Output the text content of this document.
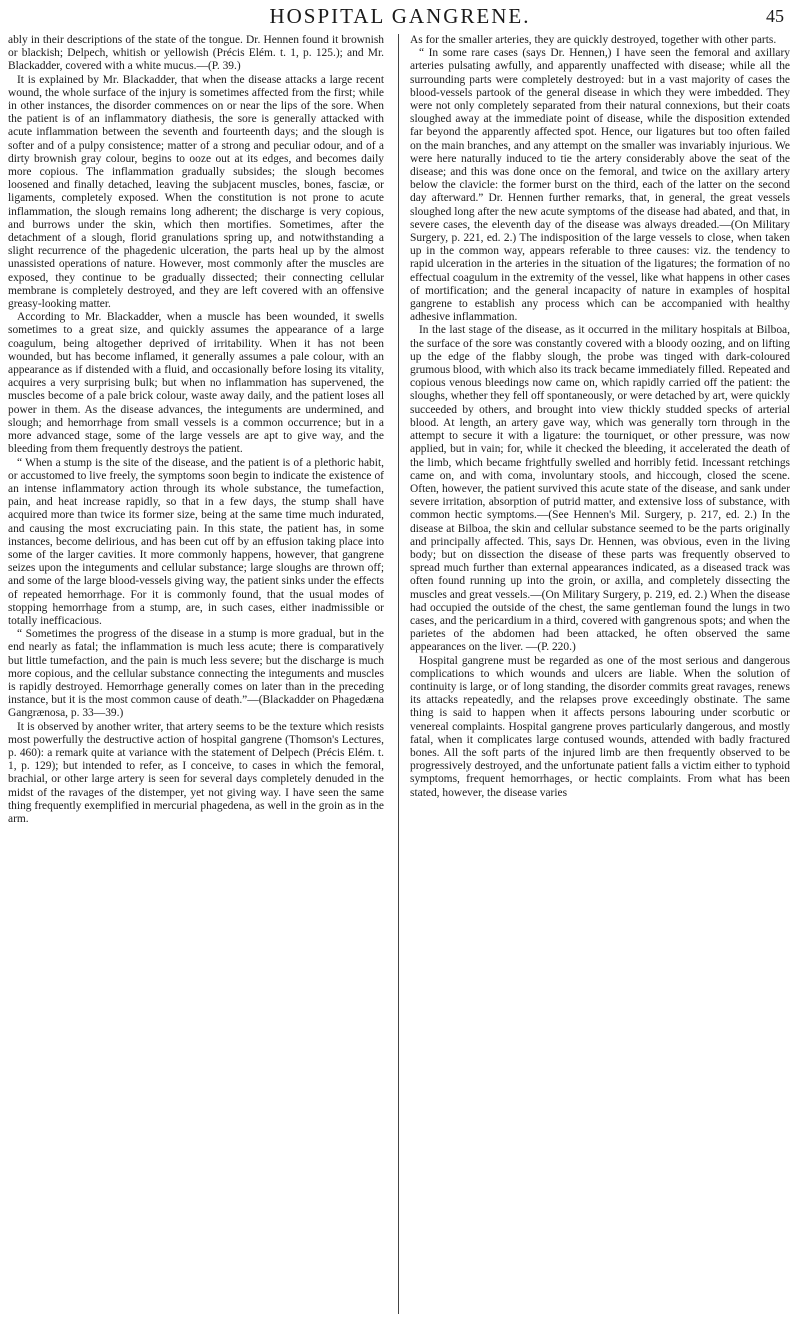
HOSPITAL GANGRENE.	45

ably in their descriptions of the state of the tongue. Dr. Hennen found it brownish or blackish; Delpech, whitish or yellowish (Précis Elém. t. 1, p. 125.); and Mr. Blackadder, covered with a white mucus.—(P. 39.)

It is explained by Mr. Blackadder, that when the disease attacks a large recent wound, the whole surface of the injury is sometimes affected from the first; while in other instances, the disorder commences on or near the lips of the sore. When the patient is of an inflammatory diathesis, the sore is generally attacked with acute inflammation between the seventh and fourteenth days; and the slough is softer and of a pulpy consistence; matter of a strong and peculiar odour, and of a dirty brownish gray colour, begins to ooze out at its edges, and becomes daily more copious. The inflammation gradually subsides; the slough becomes loosened and finally detached, leaving the subjacent muscles, bones, fasciæ, or ligaments, completely exposed. When the constitution is not prone to acute inflammation, the slough remains long adherent; the discharge is very copious, and burrows under the skin, which then mortifies. Sometimes, after the detachment of a slough, florid granulations spring up, and notwithstanding a slight recurrence of the phagedenic ulceration, the parts heal up by the almost unassisted operations of nature. However, most commonly after the muscles are exposed, they continue to be gradually dissected; their connecting cellular membrane is completely destroyed, and they are left covered with an offensive greasy-looking matter.

According to Mr. Blackadder, when a muscle has been wounded, it swells sometimes to a great size, and quickly assumes the appearance of a large coagulum, being altogether deprived of irritability. When it has not been wounded, but has become inflamed, it generally assumes a pale colour, with an appearance as if distended with a fluid, and occasionally before losing its vitality, acquires a very surprising bulk; but when no inflammation has supervened, the muscles become of a pale brick colour, waste away daily, and the patient loses all power in them. As the disease advances, the integuments are undermined, and slough; and hemorrhage from small vessels is a common occurrence; but in a more advanced stage, some of the large vessels are apt to give way, and the bleeding from them frequently destroys the patient.

“ When a stump is the site of the disease, and the patient is of a plethoric habit, or accustomed to live freely, the symptoms soon begin to indicate the existence of an intense inflammatory action through its whole substance, the tumefaction, pain, and heat increase rapidly, so that in a few days, the stump shall have acquired more than twice its former size, being at the same time much indurated, and causing the most excruciating pain. In this state, the patient has, in some instances, become delirious, and has been cut off by an effusion taking place into some of the larger cavities. It more commonly happens, however, that gangrene seizes upon the integuments and cellular substance; large sloughs are thrown off; and some of the large blood-vessels giving way, the patient sinks under the effects of repeated hemorrhage. For it is commonly found, that the usual modes of stopping hemorrhage from a stump, are, in such cases, either inadmissible or totally inefficacious.

“ Sometimes the progress of the disease in a stump is more gradual, but in the end nearly as fatal; the inflammation is much less acute; there is comparatively but little tumefaction, and the pain is much less severe; but the discharge is much more copious, and the cellular substance connecting the integuments and muscles is rapidly destroyed. Hemorrhage generally comes on later than in the preceding instance, but it is the most common cause of death.”—(Blackadder on Phagedæna Gangrænosa, p. 33—39.)

It is observed by another writer, that artery seems to be the texture which resists most powerfully the destructive action of hospital gangrene (Thomson's Lectures, p. 460): a remark quite at variance with the statement of Delpech (Précis Elém. t. 1, p. 129); but intended to refer, as I conceive, to cases in which the femoral, brachial, or other large artery is seen for several days completely denuded in the midst of the ravages of the distemper, yet not giving way. I have seen the same thing frequently exemplified in mercurial phagedena, as well in the groin as in the arm.

As for the smaller arteries, they are quickly destroyed, together with other parts.

“ In some rare cases (says Dr. Hennen,) I have seen the femoral and axillary arteries pulsating awfully, and apparently unaffected with disease; while all the surrounding parts were completely destroyed: but in a vast majority of cases the blood-vessels partook of the general disease in which they were imbedded. They were not only completely separated from their natural connexions, but their coats sloughed away at the immediate point of disease, while the disposition extended far beyond the apparently affected spot. Hence, our ligatures but too often failed on the main branches, and any attempt on the smaller was invariably injurious. We were here naturally induced to tie the artery considerably above the seat of the disease; and this was done once on the femoral, and twice on the axillary artery below the clavicle: the former burst on the third, each of the latter on the second day afterward.” Dr. Hennen further remarks, that, in general, the great vessels sloughed long after the new acute symptoms of the disease had abated, and that, in severe cases, the eleventh day of the disease was always dreaded.—(On Military Surgery, p. 221, ed. 2.) The indisposition of the large vessels to close, when taken up in the common way, appears referable to three causes: viz. the tendency to rapid ulceration in the arteries in the situation of the ligatures; the formation of no effectual coagulum in the extremity of the vessel, like what happens in other cases of mortification; and the general incapacity of nature in examples of hospital gangrene to establish any process which can be accompanied with healthy adhesive inflammation.

In the last stage of the disease, as it occurred in the military hospitals at Bilboa, the surface of the sore was constantly covered with a bloody oozing, and on lifting up the edge of the flabby slough, the probe was tinged with dark-coloured grumous blood, with which also its track became immediately filled. Repeated and copious venous bleedings now came on, which rapidly carried off the patient: the sloughs, whether they fell off spontaneously, or were detached by art, were quickly succeeded by others, and brought into view thickly studded specks of arterial blood. At length, an artery gave way, which was generally torn through in the attempt to secure it with a ligature: the tourniquet, or other pressure, was now applied, but in vain; for, while it checked the bleeding, it accelerated the death of the limb, which became frightfully swelled and horribly fetid. Incessant retchings came on, and with coma, involuntary stools, and hiccough, closed the scene. Often, however, the patient survived this acute state of the disease, and sank under severe irritation, absorption of putrid matter, and extensive loss of substance, with common hectic symptoms.—(See Hennen's Mil. Surgery, p. 217, ed. 2.) In the disease at Bilboa, the skin and cellular substance seemed to be the parts originally and principally affected. This, says Dr. Hennen, was obvious, even in the living body; but on dissection the disease of these parts was frequently observed to spread much further than external appearances indicated, as a diseased track was often found running up into the groin, or axilla, and completely dissecting the muscles and great vessels.—(On Military Surgery, p. 219, ed. 2.) When the disease had occupied the outside of the chest, the same gentleman found the lungs in two cases, and the pericardium in a third, covered with gangrenous spots; and when the parietes of the abdomen had been attacked, he often observed the same appearances on the liver. —(P. 220.)

Hospital gangrene must be regarded as one of the most serious and dangerous complications to which wounds and ulcers are liable. When the solution of continuity is large, or of long standing, the disorder commits great ravages, renews its attacks repeatedly, and the relapses prove exceedingly obstinate. The same thing is said to happen when it affects persons labouring under scorbutic or venereal complaints. Hospital gangrene proves particularly dangerous, and mostly fatal, when it complicates large contused wounds, attended with badly fractured bones. All the soft parts of the injured limb are then frequently observed to be progressively destroyed, and the unfortunate patient falls a victim either to typhoid symptoms, frequent hemorrhages, or hectic complaints. From what has been stated, however, the disease varies
